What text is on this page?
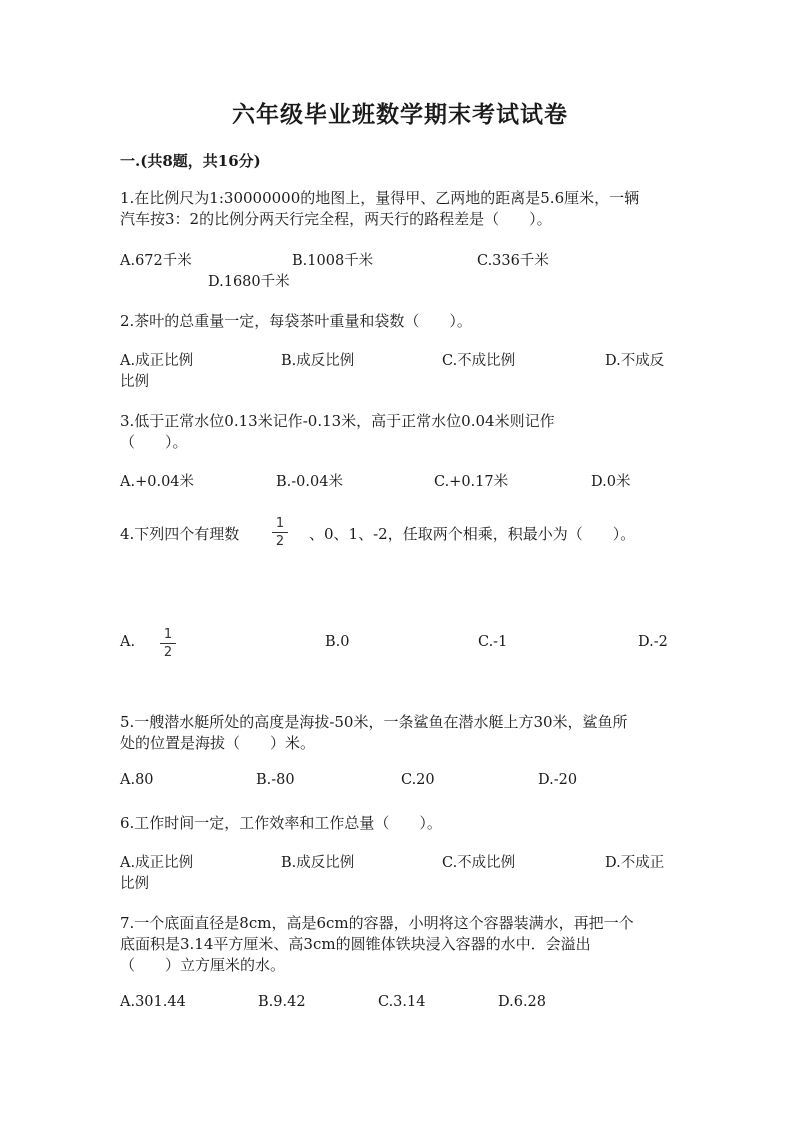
六年级毕业班数学期末考试试卷
一.(共8题，共16分)
1.在比例尺为1:30000000的地图上，量得甲、乙两地的距离是5.6厘米，一辆
汽车按3：2的比例分两天行完全程，两天行的路程差是（　　）。
A.672千米	B.1008千米	C.336千米
D.1680千米
2.茶叶的总重量一定，每袋茶叶重量和袋数（　　）。
A.成正比例	B.成反比例	C.不成比例	D.不成反
比例
3.低于正常水位0.13米记作-0.13米，高于正常水位0.04米则记作
（　　）。
A.+0.04米	B.-0.04米	C.+0.17米	D.0米
4.下列四个有理数
1
2 、0、1、-2，任取两个相乘，积最小为（　　）。
A. 1
2
B.0	C.-1	D.-2
5.一艘潜水艇所处的高度是海拔-50米，一条鲨鱼在潜水艇上方30米，鲨鱼所
处的位置是海拔（　　）米。
A.80	B.-80	C.20	D.-20
6.工作时间一定，工作效率和工作总量（　　）。
A.成正比例	B.成反比例	C.不成比例	D.不成正
比例
7.一个底面直径是8cm，高是6cm的容器，小明将这个容器装满水，再把一个
底面积是3.14平方厘米、高3cm的圆锥体铁块浸入容器的水中．会溢出
（　　）立方厘米的水。
A.301.44	B.9.42	C.3.14	D.6.28
